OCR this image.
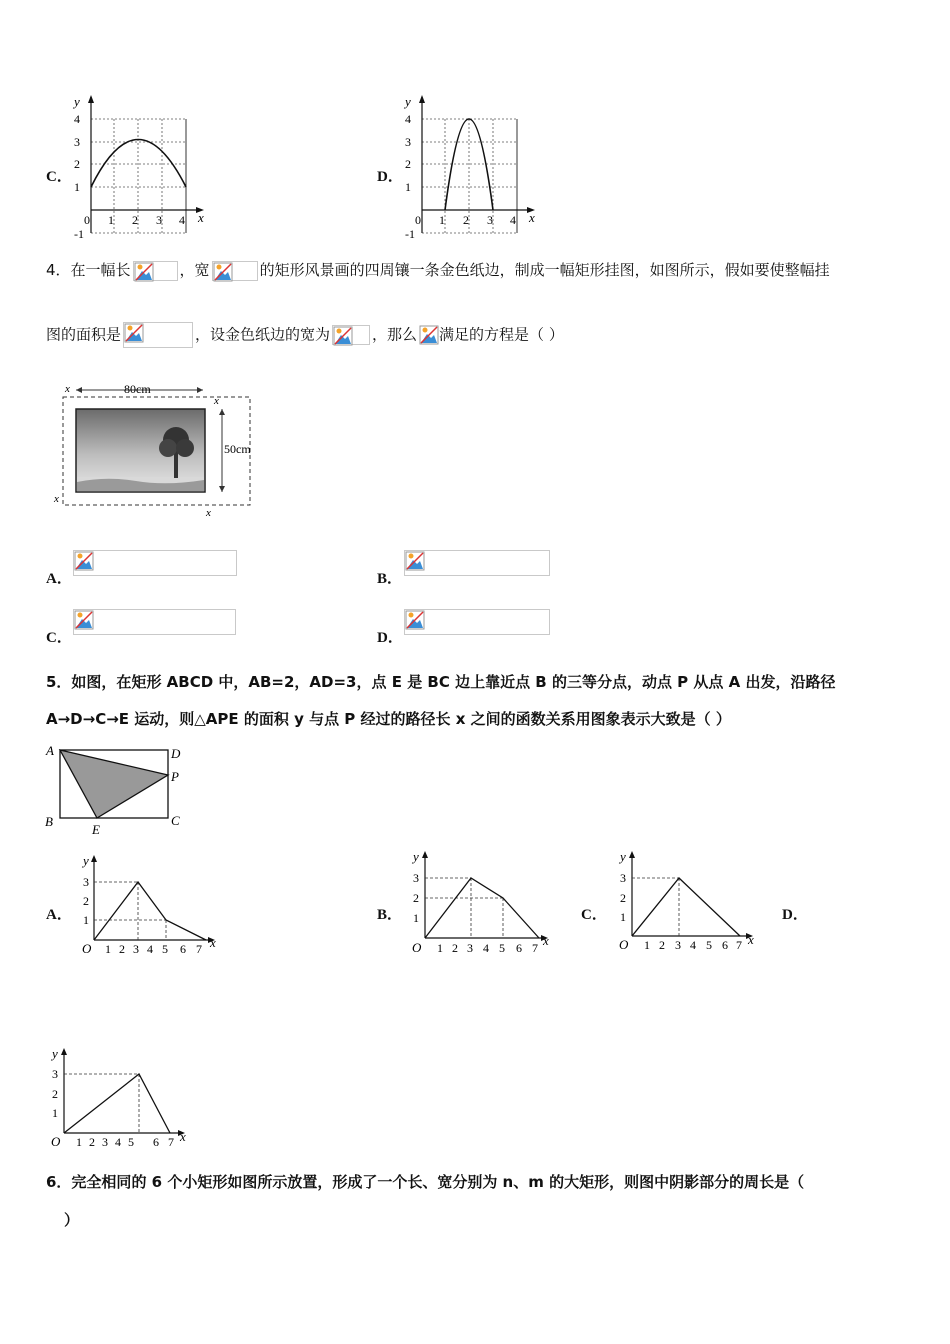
C．
y
x
4
3
2
1
-1
0 1 2 3 4
D．
y
x
4
3
2
1
-1
0 1 2 3 4
4．在一幅长	，宽	的矩形风景画的四周镶一条金色纸边，制成一幅矩形挂图，如图所示，假如要使整幅挂
图的面积是	，设金色纸边的宽为	，那么 满足的方程是（ ）
80cm
50cm
x
x
x
x
A．	B．
C．	D．
5．如图，在矩形 ABCD 中，AB=2，AD=3，点 E 是 BC 边上靠近点 B 的三等分点，动点 P 从点 A 出发，沿路径
A→D→C→E 运动，则△APE 的面积 y 与点 P 经过的路径长 x 之间的函数关系用图象表示大致是（ ）
A	D
P
B	C
E
A．	B．	C．	D．
y
x
O
3
2
1
1 2 3 4 5 6 7
y
x
O
3
2
1
1 2 3 4 5 6 7
y
x
O
3
2
1
1 2 3 4 5 6 7
y
x
O
3
2
1
1 2 3 4 5 6 7
6．完全相同的 6 个小矩形如图所示放置，形成了一个长、宽分别为 n、m 的大矩形，则图中阴影部分的周长是（
）
